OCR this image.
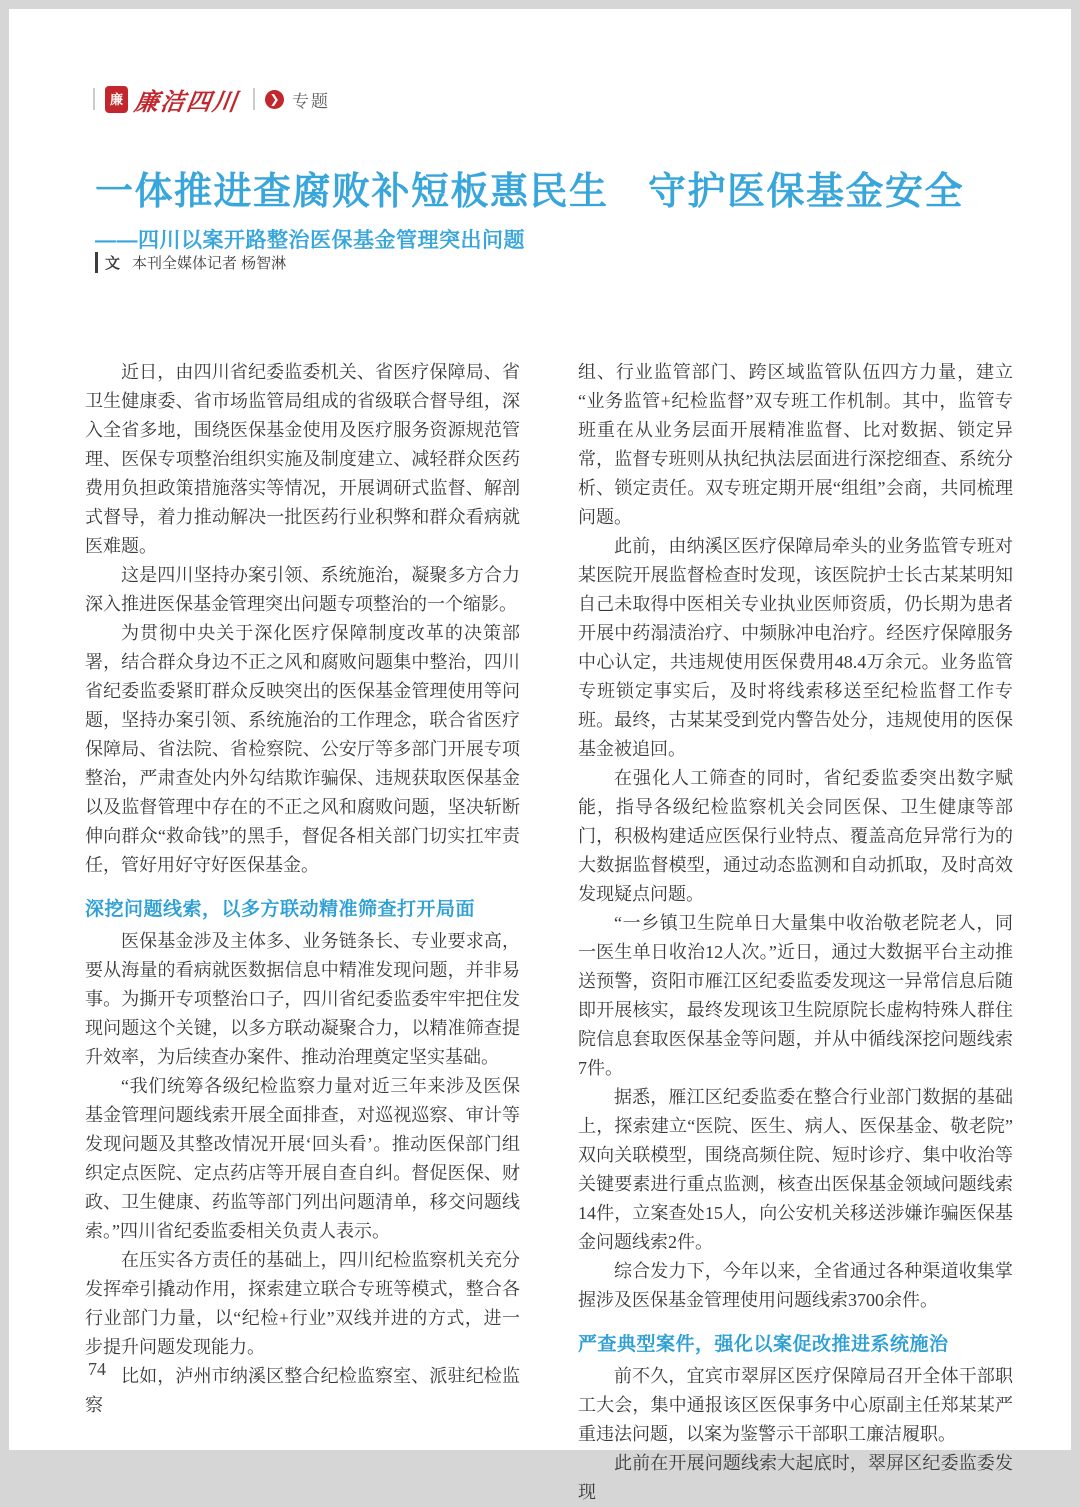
廉 廉洁四川 ❯ 专题
一体推进查腐败补短板惠民生　守护医保基金安全
——四川以案开路整治医保基金管理突出问题
文 本刊全媒体记者 杨智淋

近日，由四川省纪委监委机关、省医疗保障局、省卫生健康委、省市场监管局组成的省级联合督导组，深入全省多地，围绕医保基金使用及医疗服务资源规范管理、医保专项整治组织实施及制度建立、减轻群众医药费用负担政策措施落实等情况，开展调研式监督、解剖式督导，着力推动解决一批医药行业积弊和群众看病就医难题。

这是四川坚持办案引领、系统施治，凝聚多方合力深入推进医保基金管理突出问题专项整治的一个缩影。

为贯彻中央关于深化医疗保障制度改革的决策部署，结合群众身边不正之风和腐败问题集中整治，四川省纪委监委紧盯群众反映突出的医保基金管理使用等问题，坚持办案引领、系统施治的工作理念，联合省医疗保障局、省法院、省检察院、公安厅等多部门开展专项整治，严肃查处内外勾结欺诈骗保、违规获取医保基金以及监督管理中存在的不正之风和腐败问题，坚决斩断伸向群众“救命钱”的黑手，督促各相关部门切实扛牢责任，管好用好守好医保基金。

深挖问题线索，以多方联动精准筛查打开局面

医保基金涉及主体多、业务链条长、专业要求高，要从海量的看病就医数据信息中精准发现问题，并非易事。为撕开专项整治口子，四川省纪委监委牢牢把住发现问题这个关键，以多方联动凝聚合力，以精准筛查提升效率，为后续查办案件、推动治理奠定坚实基础。

“我们统筹各级纪检监察力量对近三年来涉及医保基金管理问题线索开展全面排查，对巡视巡察、审计等发现问题及其整改情况开展‘回头看’。推动医保部门组织定点医院、定点药店等开展自查自纠。督促医保、财政、卫生健康、药监等部门列出问题清单，移交问题线索。”四川省纪委监委相关负责人表示。

在压实各方责任的基础上，四川纪检监察机关充分发挥牵引撬动作用，探索建立联合专班等模式，整合各行业部门力量，以“纪检+行业”双线并进的方式，进一步提升问题发现能力。

比如，泸州市纳溪区整合纪检监察室、派驻纪检监察

组、行业监管部门、跨区域监管队伍四方力量，建立“业务监管+纪检监督”双专班工作机制。其中，监管专班重在从业务层面开展精准监督、比对数据、锁定异常，监督专班则从执纪执法层面进行深挖细查、系统分析、锁定责任。双专班定期开展“组组”会商，共同梳理问题。

此前，由纳溪区医疗保障局牵头的业务监管专班对某医院开展监督检查时发现，该医院护士长古某某明知自己未取得中医相关专业执业医师资质，仍长期为患者开展中药溻渍治疗、中频脉冲电治疗。经医疗保障服务中心认定，共违规使用医保费用48.4万余元。业务监管专班锁定事实后，及时将线索移送至纪检监督工作专班。最终，古某某受到党内警告处分，违规使用的医保基金被追回。

在强化人工筛查的同时，省纪委监委突出数字赋能，指导各级纪检监察机关会同医保、卫生健康等部门，积极构建适应医保行业特点、覆盖高危异常行为的大数据监督模型，通过动态监测和自动抓取，及时高效发现疑点问题。

“一乡镇卫生院单日大量集中收治敬老院老人，同一医生单日收治12人次。”近日，通过大数据平台主动推送预警，资阳市雁江区纪委监委发现这一异常信息后随即开展核实，最终发现该卫生院原院长虚构特殊人群住院信息套取医保基金等问题，并从中循线深挖问题线索7件。

据悉，雁江区纪委监委在整合行业部门数据的基础上，探索建立“医院、医生、病人、医保基金、敬老院”双向关联模型，围绕高频住院、短时诊疗、集中收治等关键要素进行重点监测，核查出医保基金领域问题线索14件，立案查处15人，向公安机关移送涉嫌诈骗医保基金问题线索2件。

综合发力下，今年以来，全省通过各种渠道收集掌握涉及医保基金管理使用问题线索3700余件。

严查典型案件，强化以案促改推进系统施治

前不久，宜宾市翠屏区医疗保障局召开全体干部职工大会，集中通报该区医保事务中心原副主任郑某某严重违法问题，以案为鉴警示干部职工廉洁履职。

此前在开展问题线索大起底时，翠屏区纪委监委发现

74
